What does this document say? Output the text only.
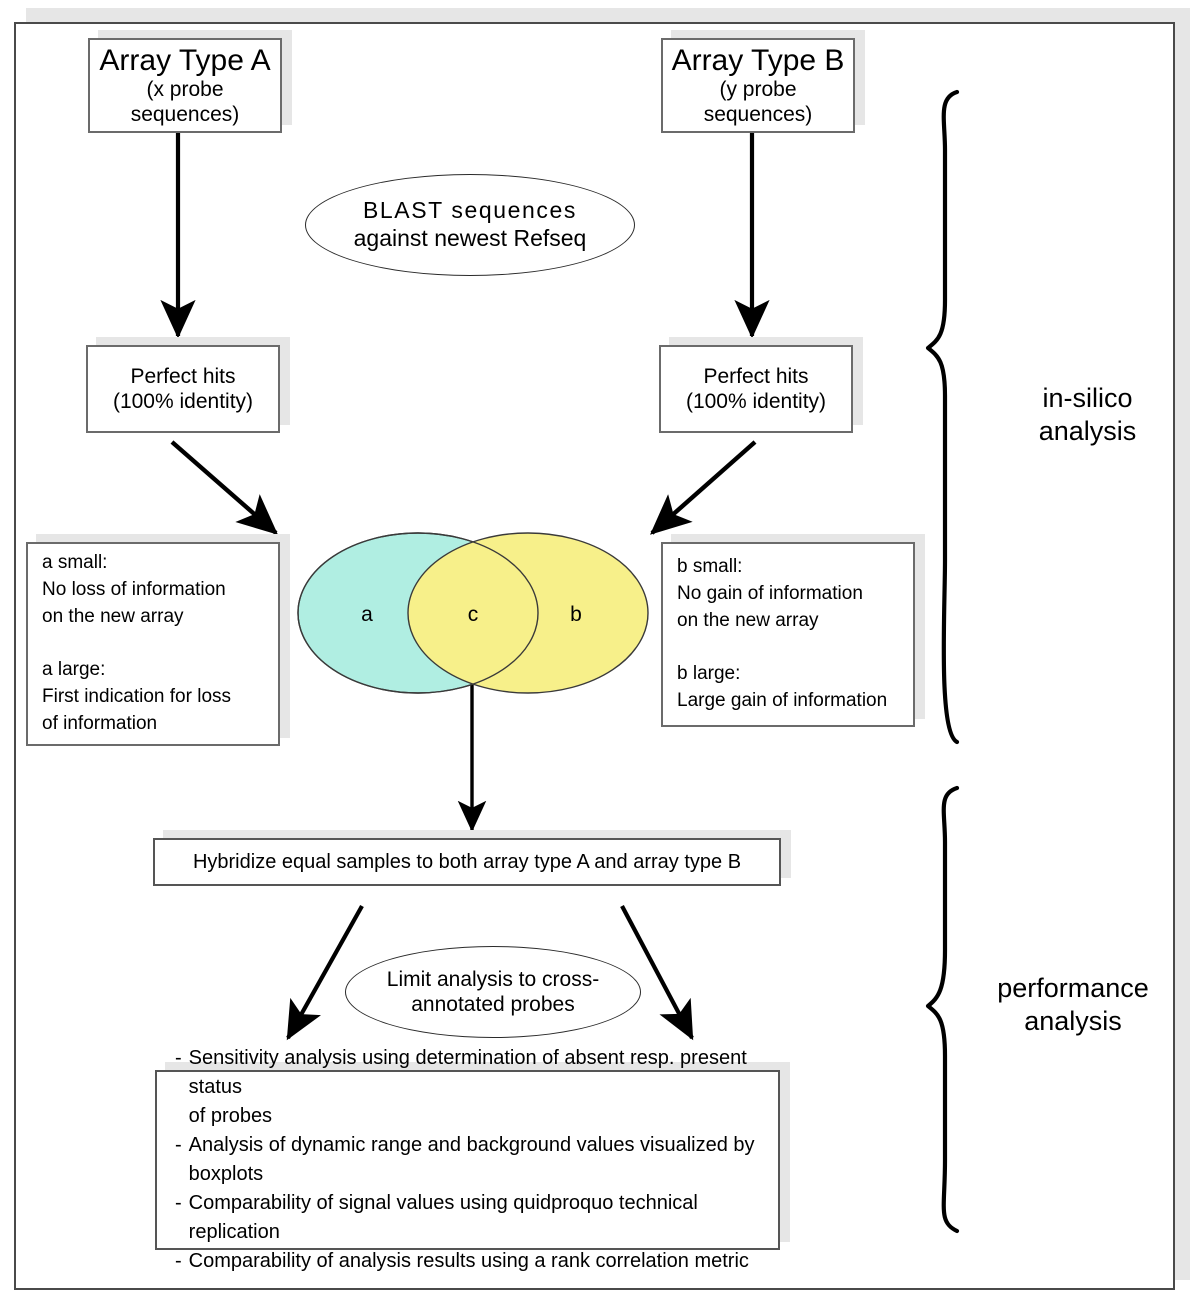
Array Type A
(x probe sequences)
Array Type B
(y probe sequences)
BLAST sequences
against newest Refseq
Perfect hits
(100% identity)
Perfect hits
(100% identity)
a small:
No loss of information
on the new array
a large:
First indication for loss
of information
b small:
No gain of information
on the new array
b large:
Large gain of information
a	c	b
Hybridize equal samples to both array type A and array type B
Limit analysis to cross-
annotated probes
- Sensitivity analysis using determination of absent resp. present status
of probes
- Analysis of dynamic range and background values visualized by
boxplots
- Comparability of signal values using quidproquo technical replication
- Comparability of analysis results using a rank correlation metric
in-silico
analysis
performance
analysis
